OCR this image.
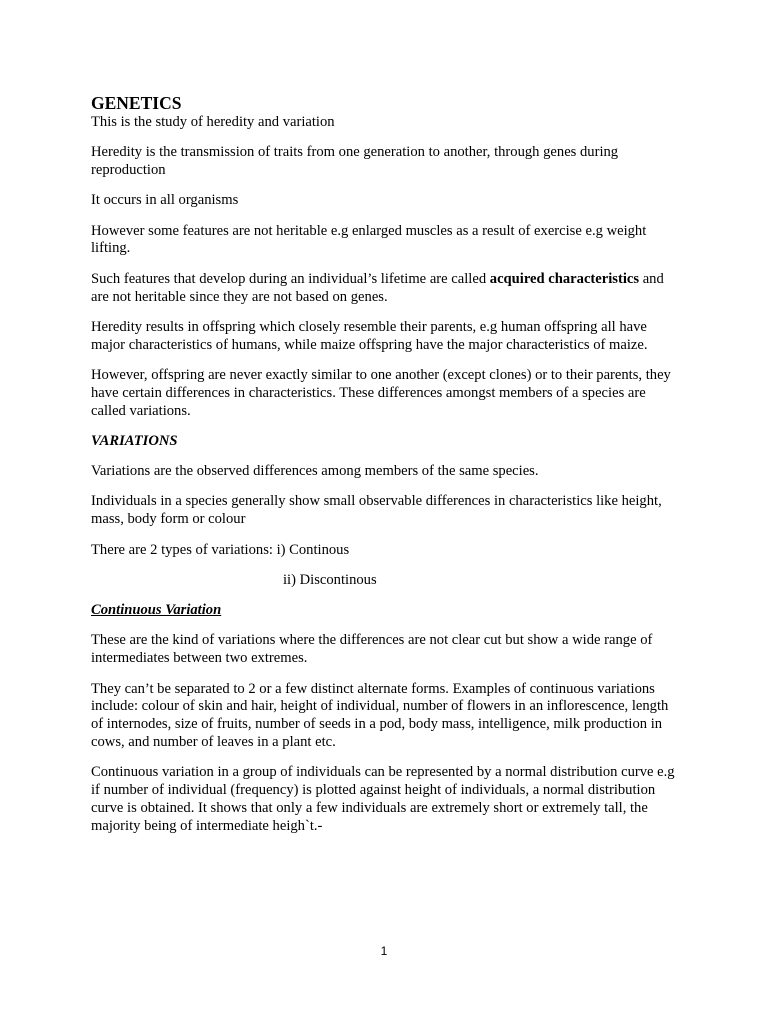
GENETICS

This is the study of heredity and variation

Heredity is the transmission of traits from one generation to another, through genes during reproduction

It occurs in all organisms

However some features are not heritable e.g enlarged muscles as a result of exercise e.g weight lifting.

Such features that develop during an individual’s lifetime are called acquired characteristics and are not heritable since they are not based on genes.

Heredity results in offspring which closely resemble their parents, e.g human offspring all have major characteristics of humans, while maize offspring have the major characteristics of maize.

However, offspring are never exactly similar to one another (except clones) or to their parents, they have certain differences in characteristics. These differences amongst members of a species are called variations.

VARIATIONS

Variations are the observed differences among members of the same species.

Individuals in a species generally show small observable differences in characteristics like height, mass, body form or colour

There are 2 types of variations: i) Continous

ii) Discontinous

Continuous Variation

These are the kind of variations where the differences are not clear cut but show a wide range of intermediates between two extremes.

They can’t be separated to 2 or a few distinct alternate forms. Examples of continuous variations include: colour of skin and hair, height of individual, number of flowers in an inflorescence, length of internodes, size of fruits, number of seeds in a pod, body mass, intelligence, milk production in cows, and number of leaves in a plant etc.

Continuous variation in a group of individuals can be represented by a normal distribution curve e.g if number of individual (frequency) is plotted against height of individuals, a normal distribution curve is obtained. It shows that only a few individuals are extremely short or extremely tall, the majority being of intermediate heigh`t.-

1
